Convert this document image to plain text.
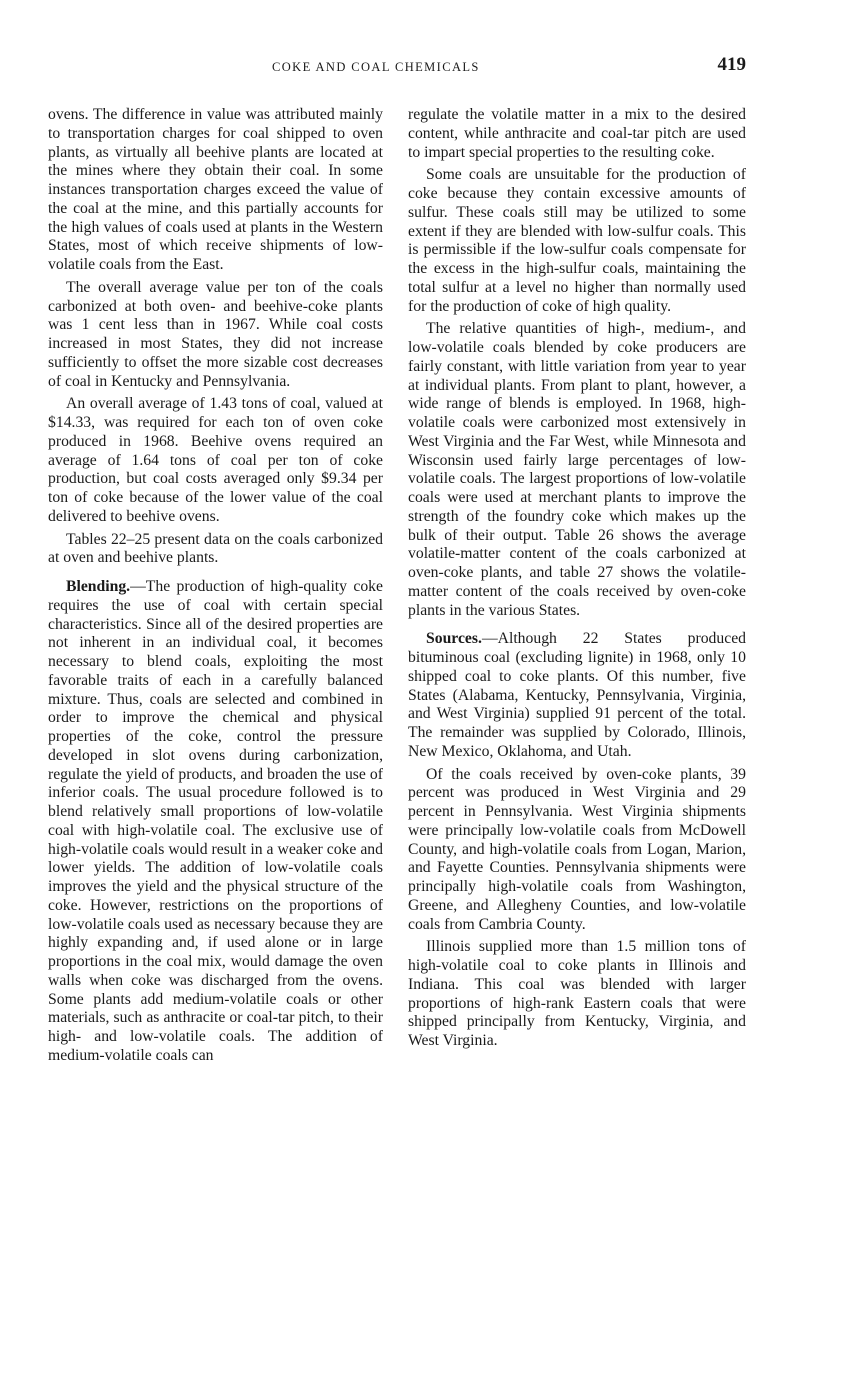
COKE AND COAL CHEMICALS	419

ovens. The difference in value was attributed mainly to transportation charges for coal shipped to oven plants, as virtually all beehive plants are located at the mines where they obtain their coal. In some instances transportation charges exceed the value of the coal at the mine, and this partially accounts for the high values of coals used at plants in the Western States, most of which receive shipments of low-volatile coals from the East.

The overall average value per ton of the coals carbonized at both oven- and beehive-coke plants was 1 cent less than in 1967. While coal costs increased in most States, they did not increase sufficiently to offset the more sizable cost decreases of coal in Kentucky and Pennsylvania.

An overall average of 1.43 tons of coal, valued at $14.33, was required for each ton of oven coke produced in 1968. Beehive ovens required an average of 1.64 tons of coal per ton of coke production, but coal costs averaged only $9.34 per ton of coke because of the lower value of the coal delivered to beehive ovens.

Tables 22–25 present data on the coals carbonized at oven and beehive plants.

Blending.—The production of high-quality coke requires the use of coal with certain special characteristics. Since all of the desired properties are not inherent in an individual coal, it becomes necessary to blend coals, exploiting the most favorable traits of each in a carefully balanced mixture. Thus, coals are selected and combined in order to improve the chemical and physical properties of the coke, control the pressure developed in slot ovens during carbonization, regulate the yield of products, and broaden the use of inferior coals. The usual procedure followed is to blend relatively small proportions of low-volatile coal with high-volatile coal. The exclusive use of high-volatile coals would result in a weaker coke and lower yields. The addition of low-volatile coals improves the yield and the physical structure of the coke. However, restrictions on the proportions of low-volatile coals used as necessary because they are highly expanding and, if used alone or in large proportions in the coal mix, would damage the oven walls when coke was discharged from the ovens. Some plants add medium-volatile coals or other materials, such as anthracite or coal-tar pitch, to their high- and low-volatile coals. The addition of medium-volatile coals can

regulate the volatile matter in a mix to the desired content, while anthracite and coal-tar pitch are used to impart special properties to the resulting coke.

Some coals are unsuitable for the production of coke because they contain excessive amounts of sulfur. These coals still may be utilized to some extent if they are blended with low-sulfur coals. This is permissible if the low-sulfur coals compensate for the excess in the high-sulfur coals, maintaining the total sulfur at a level no higher than normally used for the production of coke of high quality.

The relative quantities of high-, medium-, and low-volatile coals blended by coke producers are fairly constant, with little variation from year to year at individual plants. From plant to plant, however, a wide range of blends is employed. In 1968, high-volatile coals were carbonized most extensively in West Virginia and the Far West, while Minnesota and Wisconsin used fairly large percentages of low-volatile coals. The largest proportions of low-volatile coals were used at merchant plants to improve the strength of the foundry coke which makes up the bulk of their output. Table 26 shows the average volatile-matter content of the coals carbonized at oven-coke plants, and table 27 shows the volatile-matter content of the coals received by oven-coke plants in the various States.

Sources.—Although 22 States produced bituminous coal (excluding lignite) in 1968, only 10 shipped coal to coke plants. Of this number, five States (Alabama, Kentucky, Pennsylvania, Virginia, and West Virginia) supplied 91 percent of the total. The remainder was supplied by Colorado, Illinois, New Mexico, Oklahoma, and Utah.

Of the coals received by oven-coke plants, 39 percent was produced in West Virginia and 29 percent in Pennsylvania. West Virginia shipments were principally low-volatile coals from McDowell County, and high-volatile coals from Logan, Marion, and Fayette Counties. Pennsylvania shipments were principally high-volatile coals from Washington, Greene, and Allegheny Counties, and low-volatile coals from Cambria County.

Illinois supplied more than 1.5 million tons of high-volatile coal to coke plants in Illinois and Indiana. This coal was blended with larger proportions of high-rank Eastern coals that were shipped principally from Kentucky, Virginia, and West Virginia.
